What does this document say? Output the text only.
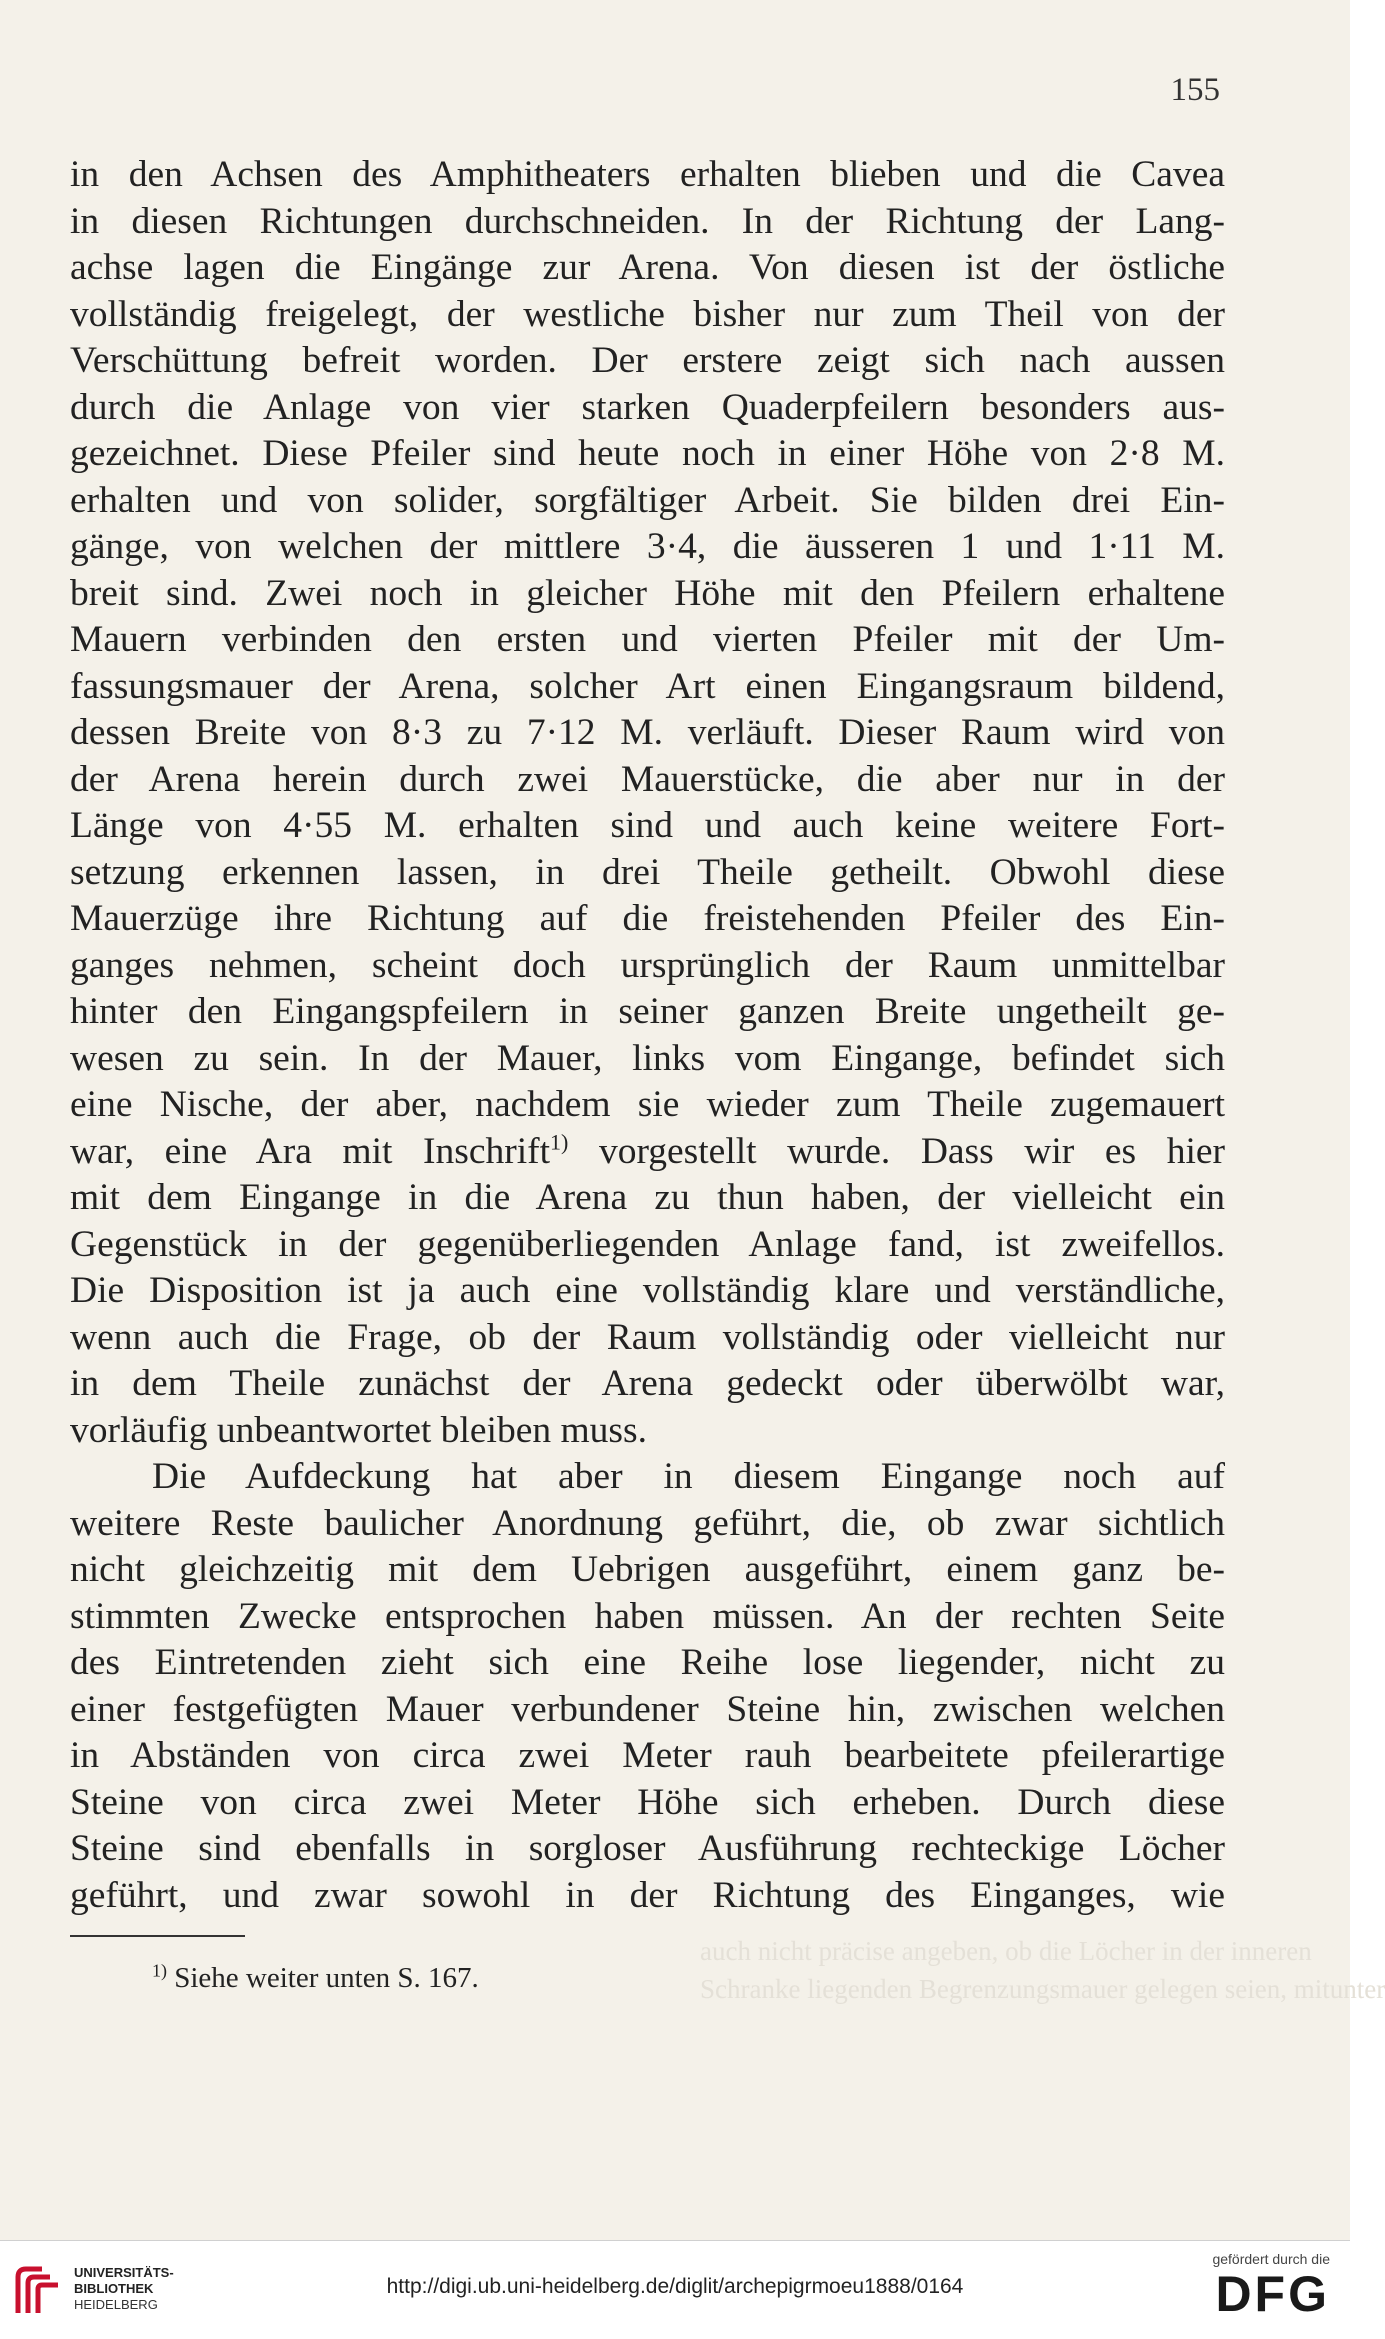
155
in den Achsen des Amphitheaters erhalten blieben und die Cavea
in diesen Richtungen durchschneiden. In der Richtung der Lang-
achse lagen die Eingänge zur Arena. Von diesen ist der östliche
vollständig freigelegt, der westliche bisher nur zum Theil von der
Verschüttung befreit worden. Der erstere zeigt sich nach aussen
durch die Anlage von vier starken Quaderpfeilern besonders aus-
gezeichnet. Diese Pfeiler sind heute noch in einer Höhe von 2·8 M.
erhalten und von solider, sorgfältiger Arbeit. Sie bilden drei Ein-
gänge, von welchen der mittlere 3·4, die äusseren 1 und 1·11 M.
breit sind. Zwei noch in gleicher Höhe mit den Pfeilern erhaltene
Mauern verbinden den ersten und vierten Pfeiler mit der Um-
fassungsmauer der Arena, solcher Art einen Eingangsraum bildend,
dessen Breite von 8·3 zu 7·12 M. verläuft. Dieser Raum wird von
der Arena herein durch zwei Mauerstücke, die aber nur in der
Länge von 4·55 M. erhalten sind und auch keine weitere Fort-
setzung erkennen lassen, in drei Theile getheilt. Obwohl diese
Mauerzüge ihre Richtung auf die freistehenden Pfeiler des Ein-
ganges nehmen, scheint doch ursprünglich der Raum unmittelbar
hinter den Eingangspfeilern in seiner ganzen Breite ungetheilt ge-
wesen zu sein. In der Mauer, links vom Eingange, befindet sich
eine Nische, der aber, nachdem sie wieder zum Theile zugemauert
war, eine Ara mit Inschrift$^{1)}$ vorgestellt wurde. Dass wir es hier
mit dem Eingange in die Arena zu thun haben, der vielleicht ein
Gegenstück in der gegenüberliegenden Anlage fand, ist zweifellos.
Die Disposition ist ja auch eine vollständig klare und verständliche,
wenn auch die Frage, ob der Raum vollständig oder vielleicht nur
in dem Theile zunächst der Arena gedeckt oder überwölbt war,
vorläufig unbeantwortet bleiben muss.
Die Aufdeckung hat aber in diesem Eingange noch auf
weitere Reste baulicher Anordnung geführt, die, ob zwar sichtlich
nicht gleichzeitig mit dem Uebrigen ausgeführt, einem ganz be-
stimmten Zwecke entsprochen haben müssen. An der rechten Seite
des Eintretenden zieht sich eine Reihe lose liegender, nicht zu
einer festgefügten Mauer verbundener Steine hin, zwischen welchen
in Abständen von circa zwei Meter rauh bearbeitete pfeilerartige
Steine von circa zwei Meter Höhe sich erheben. Durch diese
Steine sind ebenfalls in sorgloser Ausführung rechteckige Löcher
geführt, und zwar sowohl in der Richtung des Einganges, wie
auch nicht präcise angeben, ob die Löcher in der inneren
Schranke liegenden Begrenzungsmauer gelegen seien, mitunter
$^{1)}$ Siehe weiter unten S. 167.
UNIVERSITÄTS-
BIBLIOTHEK
HEIDELBERG
http://digi.ub.uni-heidelberg.de/diglit/archepigrmoeu1888/0164
gefördert durch die
DFG
